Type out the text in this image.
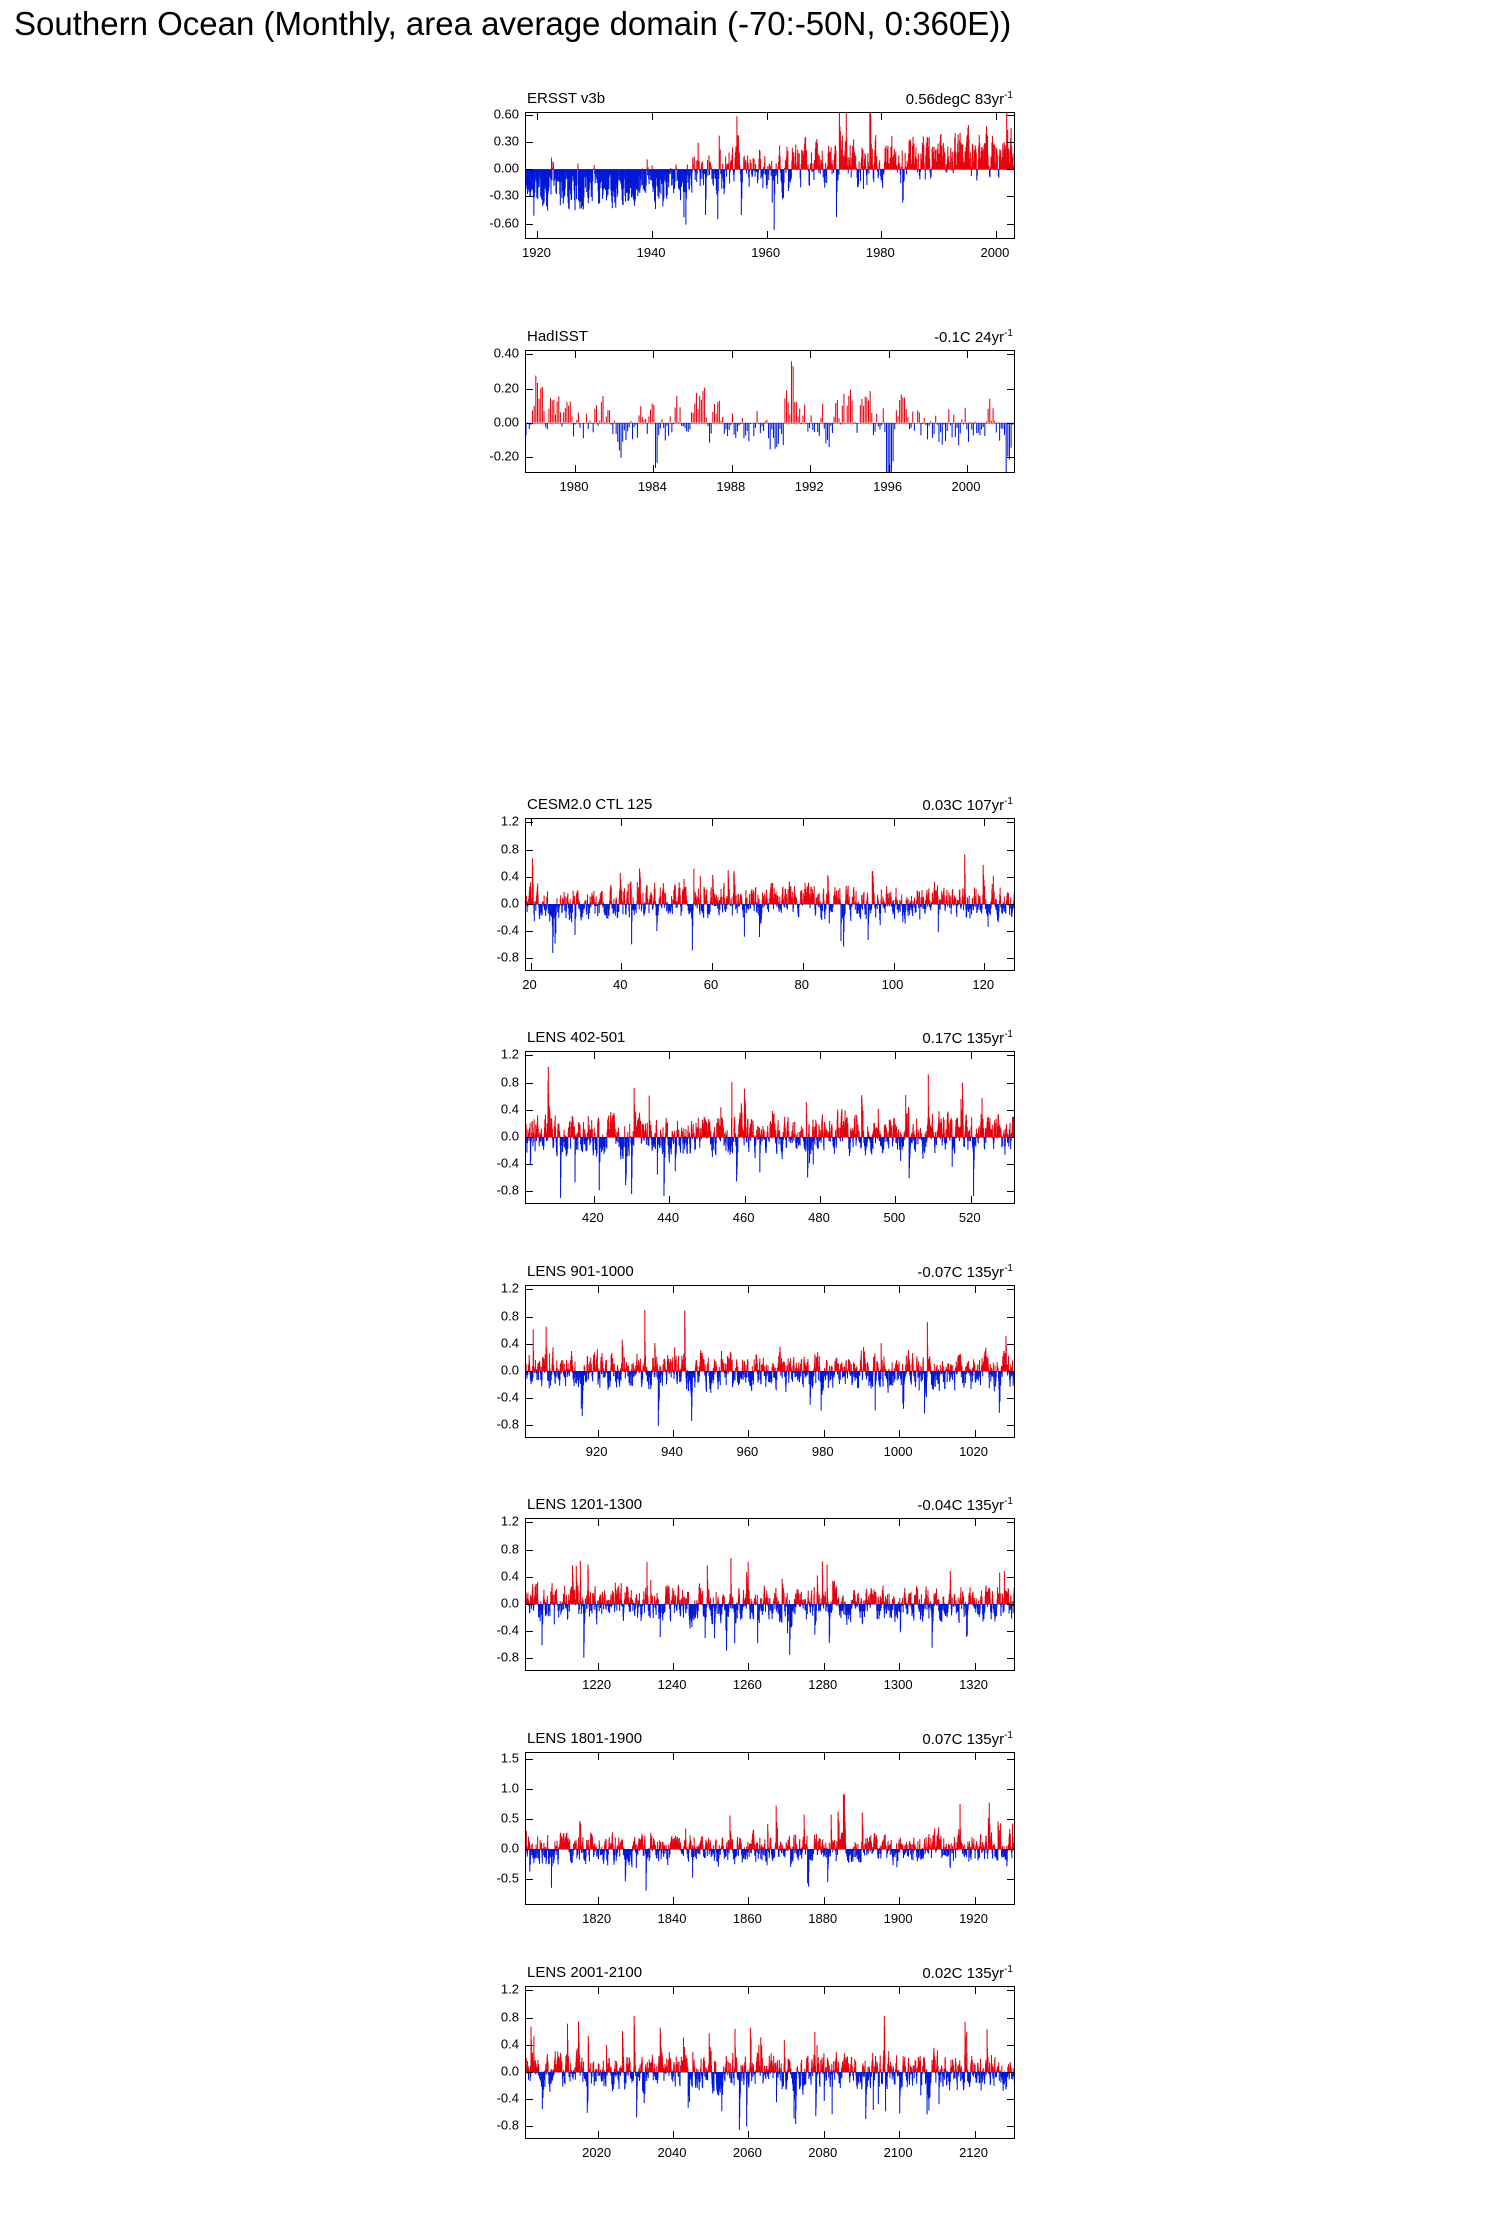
Southern Ocean (Monthly, area average domain (-70:-50N, 0:360E))
ERSST v3b	0.56degC $83yr^{-1}$
0.60
0.30
0.00
-0.30
-0.60
1920	1940	1960	1980	2000
HadISST	-0.1C $24yr^{-1}$
0.40
0.20
0.00
-0.20
1980	1984	1988	1992	1996	2000
CESM2.0 CTL 125	0.03C $107yr^{-1}$
1.2
0.8
0.4
0.0
-0.4
-0.8
20	40	60	80	100	120
LENS 402-501	0.17C $135yr^{-1}$
1.2
0.8
0.4
0.0
-0.4
-0.8
420	440	460	480	500	520
LENS 901-1000	-0.07C $135yr^{-1}$
1.2
0.8
0.4
0.0
-0.4
-0.8
920	940	960	980	1000	1020
LENS 1201-1300	-0.04C $135yr^{-1}$
1.2
0.8
0.4
0.0
-0.4
-0.8
1220	1240	1260	1280	1300	1320
LENS 1801-1900	0.07C $135yr^{-1}$
1.5
1.0
0.5
0.0
-0.5
1820	1840	1860	1880	1900	1920
LENS 2001-2100	0.02C $135yr^{-1}$
1.2
0.8
0.4
0.0
-0.4
-0.8
2020	2040	2060	2080	2100	2120
